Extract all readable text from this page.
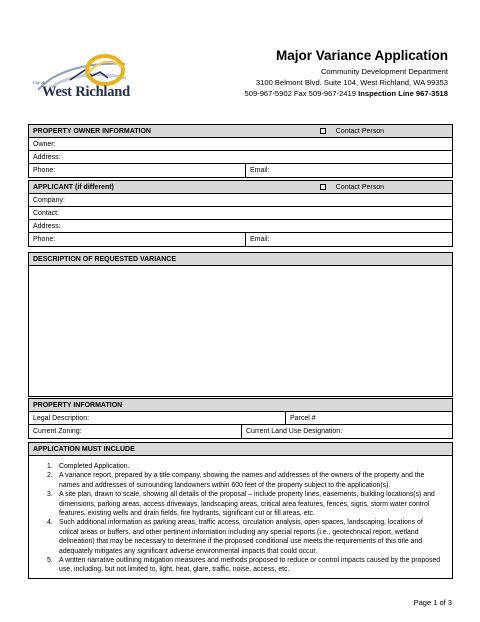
City of
West Richland
Major Variance Application
Community Development Department
3100 Belmont Blvd. Suite 104, West Richland, WA 99353
509-967-5902 Fax 509-967-2419 Inspection Line 967-3518
PROPERTY OWNER INFORMATION	Contact Person
Owner:
Address:
Phone:	Email:
APPLICANT (if different)	Contact Person
Company:
Contact:
Address:
Phone:	Email:
DESCRIPTION OF REQUESTED VARIANCE
PROPERTY INFORMATION
Legal Description:	Parcel #
Current Zoning:	Current Land Use Designation:
APPLICATION MUST INCLUDE
1. Completed Application.
2. A variance report, prepared by a title company, showing the names and addresses of the owners of the property and the names and addresses of surrounding landowners within 600 feet of the property subject to the application(s).
3. A site plan, drawn to scale, showing all details of the proposal – include property lines, easements, building locations(s) and dimensions, parking areas, access driveways, landscaping areas, critical area features, fences, signs, storm water control features, existing wells and drain fields, fire hydrants, significant cut or fill areas, etc.
4. Such additional information as parking areas, traffic access, circulation analysis, open spaces, landscaping, locations of critical areas or buffers, and other pertinent information including any special reports (i.e., geotechnical report, wetland delineation) that may be necessary to determine if the proposed conditional use meets the requirements of this title and adequately mitigates any significant adverse environmental impacts that could occur.
5. A written narrative outlining mitigation measures and methods proposed to reduce or control impacts caused by the proposed use, including, but not limited to, light, heat, glare, traffic, noise, access, etc.
Page 1 of 3
